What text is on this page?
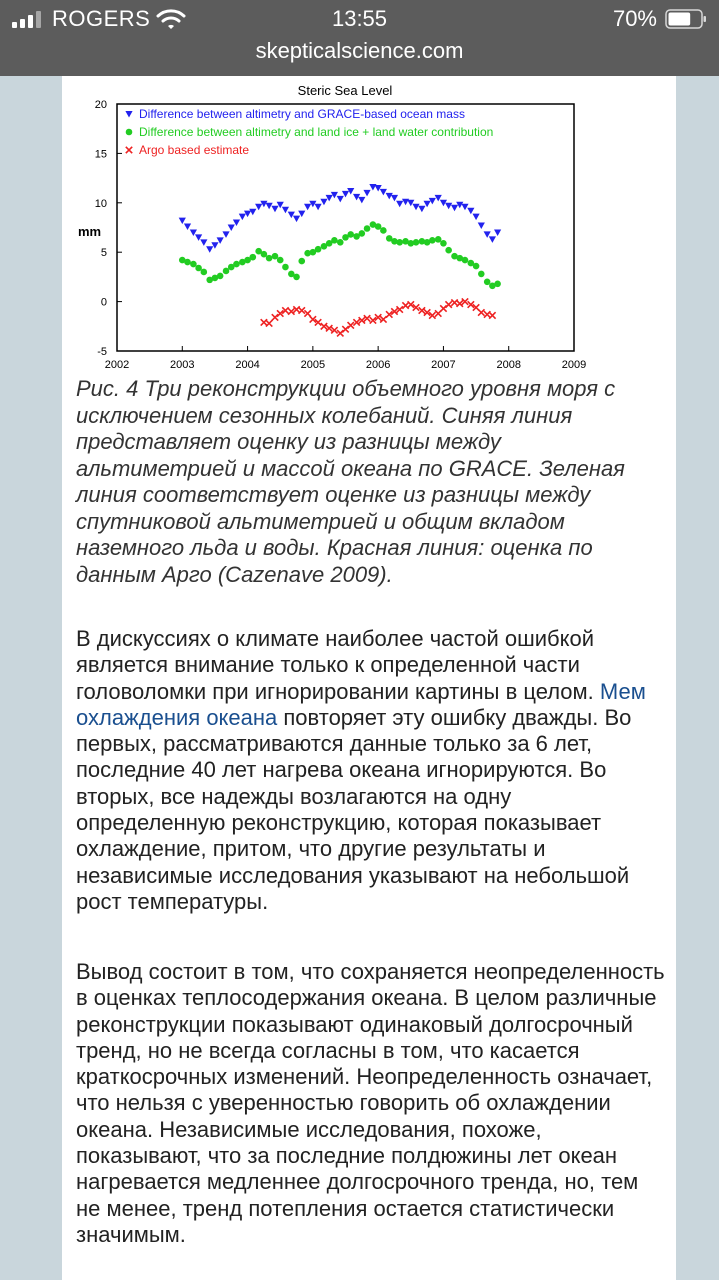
ROGERS	13:55	70%
skepticalscience.com
Steric Sea Level
mm
2002	2003	2004	2005	2006	2007	2008	2009
-5
0
5
10
15
20
Difference between altimetry and GRACE-based ocean mass
Difference between altimetry and land ice + land water contribution
Argo based estimate

Рис. 4 Три реконструкции объемного уровня моря с исключением сезонных колебаний. Синяя линия представляет оценку из разницы между альтиметрией и массой океана по GRACE. Зеленая линия соответствует оценке из разницы между спутниковой альтиметрией и общим вкладом наземного льда и воды. Красная линия: оценка по данным Арго (Cazenave 2009).

В дискуссиях о климате наиболее частой ошибкой является внимание только к определенной части головоломки при игнорировании картины в целом. Мем охлаждения океана повторяет эту ошибку дважды. Во первых, рассматриваются данные только за 6 лет, последние 40 лет нагрева океана игнорируются. Во вторых, все надежды возлагаются на одну определенную реконструкцию, которая показывает охлаждение, притом, что другие результаты и независимые исследования указывают на небольшой рост температуры.

Вывод состоит в том, что сохраняется неопределенность в оценках теплосодержания океана. В целом различные реконструкции показывают одинаковый долгосрочный тренд, но не всегда согласны в том, что касается краткосрочных изменений. Неопределенность означает, что нельзя с уверенностью говорить об охлаждении океана. Независимые исследования, похоже, показывают, что за последние полдюжины лет океан нагревается медленнее долгосрочного тренда, но, тем не менее, тренд потепления остается статистически значимым.
